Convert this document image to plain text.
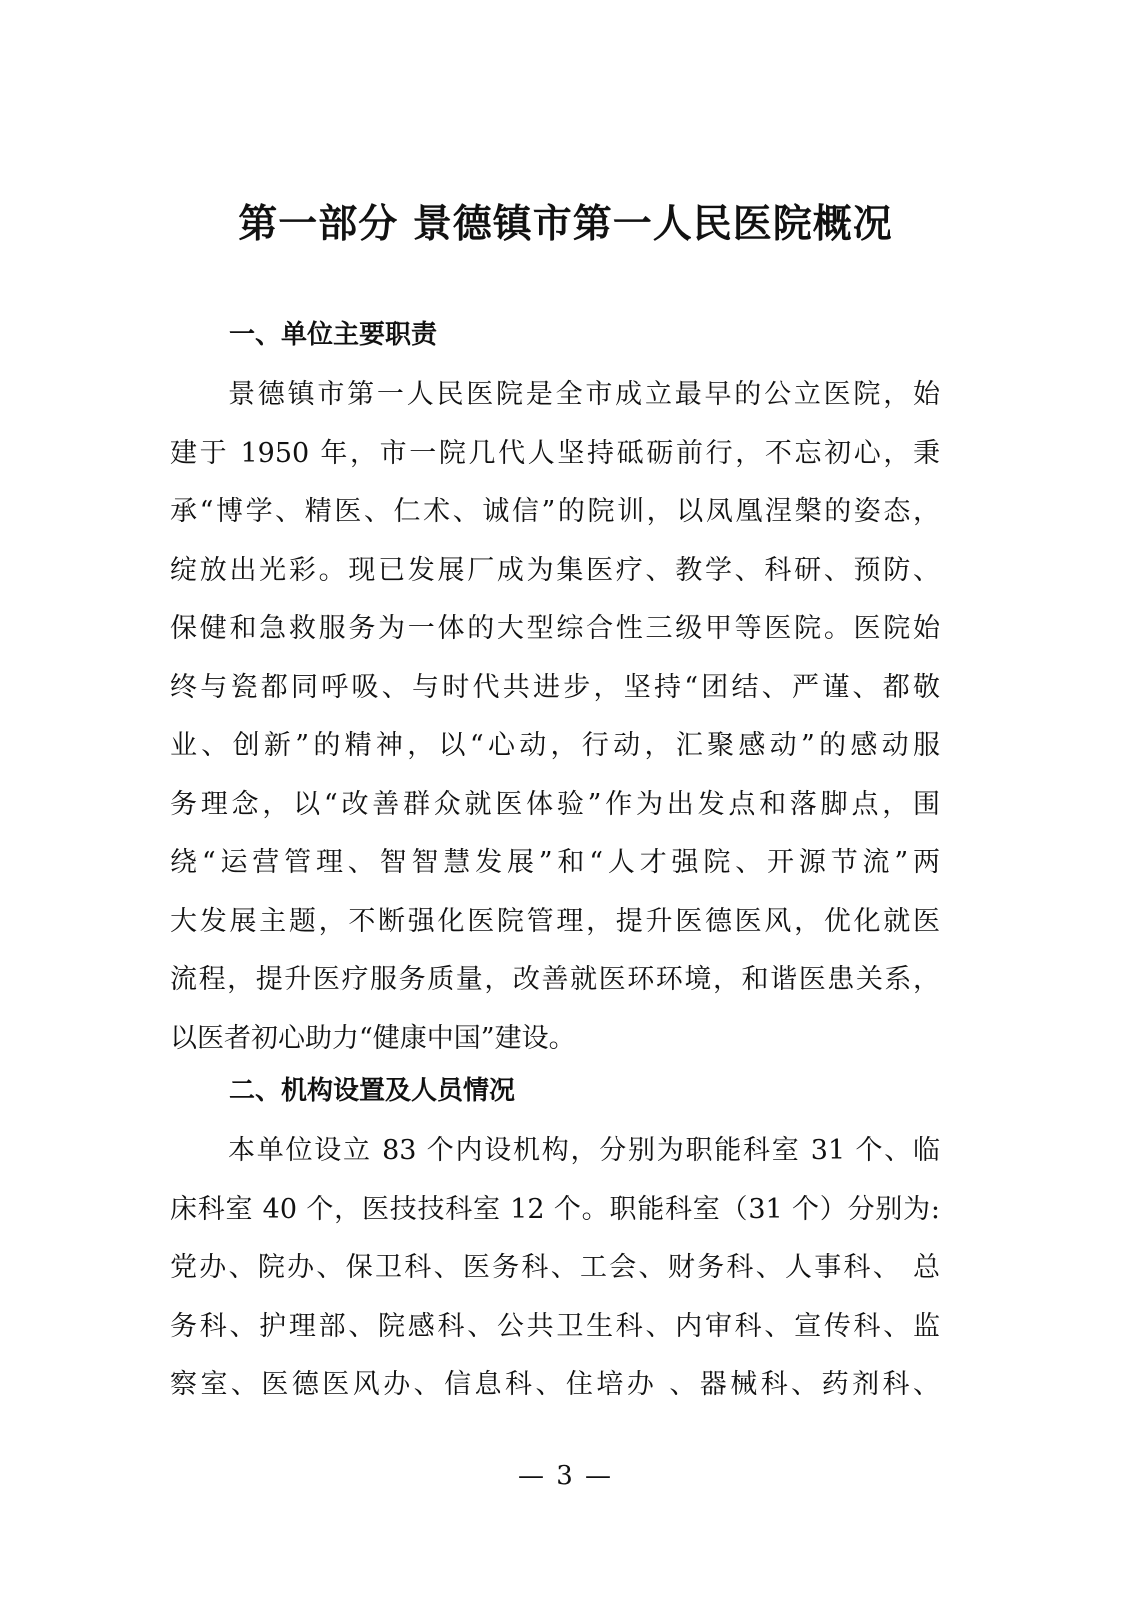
第一部分 景德镇市第一人民医院概况
一、单位主要职责
景德镇市第一人民医院是全市成立最早的公立医院，始
建于 1950 年，市一院几代人坚持砥砺前行，不忘初心，秉
承“博学、精医、仁术、诚信”的院训，以凤凰涅槃的姿态，
绽放出光彩。现已发展厂成为集医疗、教学、科研、预防、
保健和急救服务为一体的大型综合性三级甲等医院。医院始
终与瓷都同呼吸、与时代共进步，坚持“团结、严谨、都敬
业、创新”的精神，以“心动，行动，汇聚感动”的感动服
务理念，以“改善群众就医体验”作为出发点和落脚点，围
绕“运营管理、智智慧发展”和“人才强院、开源节流”两
大发展主题，不断强化医院管理，提升医德医风，优化就医
流程，提升医疗服务质量，改善就医环环境，和谐医患关系，
以医者初心助力“健康中国”建设。
二、机构设置及人员情况
本单位设立 83 个内设机构，分别为职能科室 31 个、临
床科室 40 个，医技技科室 12 个。职能科室（31 个）分别为:
党办、院办、保卫科、医务科、工会、财务科、人事科、 总
务科、护理部、院感科、公共卫生科、内审科、宣传科、监
察室、医德医风办、信息科、住培办 、器械科、药剂科、

— 3 —
